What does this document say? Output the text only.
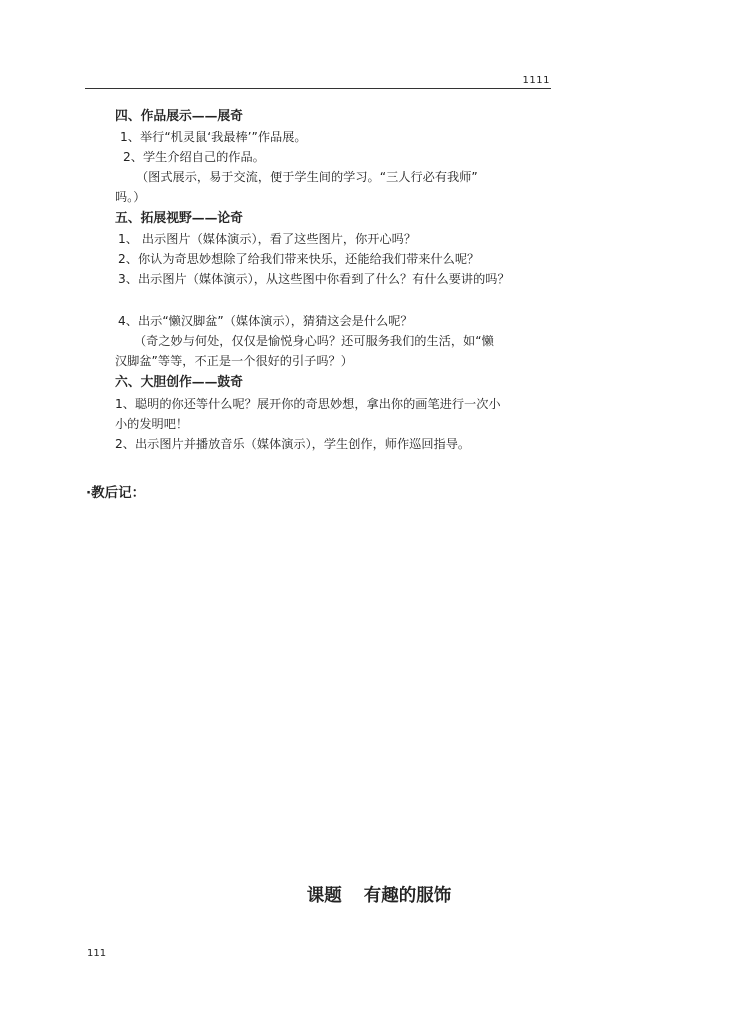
1111
四、作品展示——展奇
1、举行“机灵鼠‘我最棒’”作品展。
2、学生介绍自己的作品。
（图式展示，易于交流，便于学生间的学习。“三人行必有我师”
吗。）
五、拓展视野——论奇
1、 出示图片（媒体演示），看了这些图片，你开心吗？
2、你认为奇思妙想除了给我们带来快乐，还能给我们带来什么呢？
3、出示图片（媒体演示），从这些图中你看到了什么？有什么要讲的吗？
4、出示“懒汉脚盆”（媒体演示），猜猜这会是什么呢？
（奇之妙与何处，仅仅是愉悦身心吗？还可服务我们的生活，如“懒
汉脚盆”等等，不正是一个很好的引子吗？）
六、大胆创作——鼓奇
1、聪明的你还等什么呢？展开你的奇思妙想，拿出你的画笔进行一次小
小的发明吧！
2、出示图片并播放音乐（媒体演示），学生创作，师作巡回指导。
·教后记：
课题 有趣的服饰
111
